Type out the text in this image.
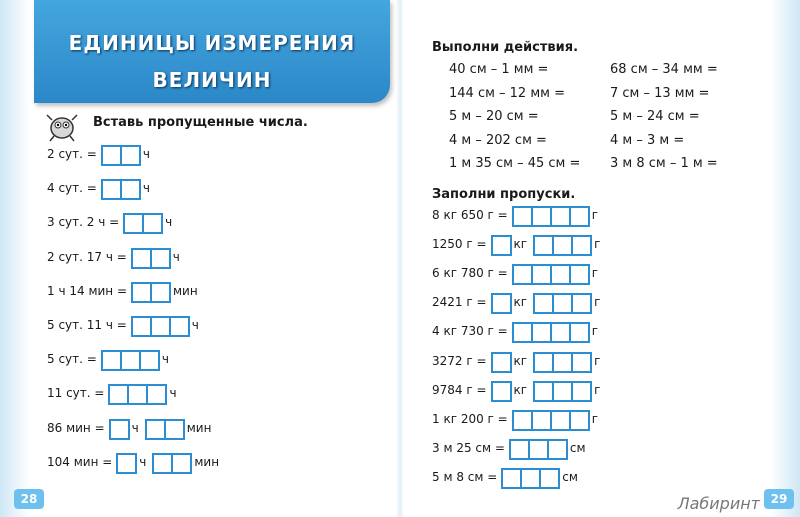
ЕДИНИЦЫ ИЗМЕРЕНИЯ
ВЕЛИЧИН
Вставь пропущенные числа.
Выполни действия.
Заполни пропуски.
28	29
Лабиринт
2 сут. =	ч
4 сут. =	ч
3 сут. 2 ч =	ч
2 сут. 17 ч =	ч
1 ч 14 мин =	мин
5 сут. 11 ч =	ч
5 сут. =	ч
11 сут. =	ч
86 мин = ч	мин
104 мин = ч	мин
8 кг 650 г =	г
1250 г = кг	г
6 кг 780 г =	г
2421 г = кг	г
4 кг 730 г =	г
3272 г = кг	г
9784 г = кг	г
1 кг 200 г =	г
3 м 25 см =	см
5 м 8 см =	см
40 см – 1 мм =
144 см – 12 мм =
5 м – 20 см =
4 м – 202 см =
1 м 35 см – 45 см =
68 см – 34 мм =
7 см – 13 мм =
5 м – 24 см =
4 м – 3 м =
3 м 8 см – 1 м =
